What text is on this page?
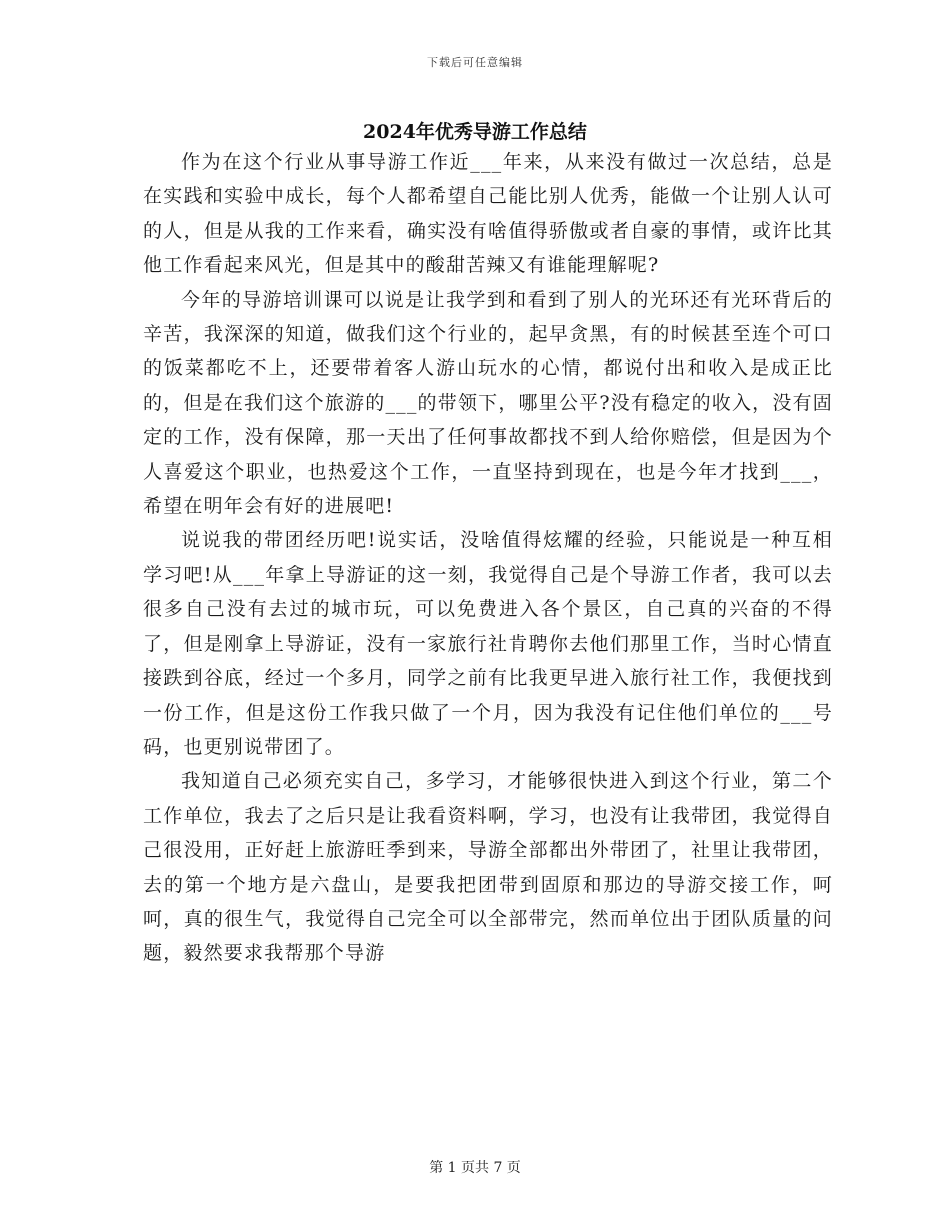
下载后可任意编辑
2024年优秀导游工作总结

作为在这个行业从事导游工作近___年来，从来没有做过一次总结，总是在实践和实验中成长，每个人都希望自己能比别人优秀，能做一个让别人认可的人，但是从我的工作来看，确实没有啥值得骄傲或者自豪的事情，或许比其他工作看起来风光，但是其中的酸甜苦辣又有谁能理解呢?

今年的导游培训课可以说是让我学到和看到了别人的光环还有光环背后的辛苦，我深深的知道，做我们这个行业的，起早贪黑，有的时候甚至连个可口的饭菜都吃不上，还要带着客人游山玩水的心情，都说付出和收入是成正比的，但是在我们这个旅游的___的带领下，哪里公平?没有稳定的收入，没有固定的工作，没有保障，那一天出了任何事故都找不到人给你赔偿，但是因为个人喜爱这个职业，也热爱这个工作，一直坚持到现在，也是今年才找到___，希望在明年会有好的进展吧!

说说我的带团经历吧!说实话，没啥值得炫耀的经验，只能说是一种互相学习吧!从___年拿上导游证的这一刻，我觉得自己是个导游工作者，我可以去很多自己没有去过的城市玩，可以免费进入各个景区，自己真的兴奋的不得了，但是刚拿上导游证，没有一家旅行社肯聘你去他们那里工作，当时心情直接跌到谷底，经过一个多月，同学之前有比我更早进入旅行社工作，我便找到一份工作，但是这份工作我只做了一个月，因为我没有记住他们单位的___号码，也更别说带团了。

我知道自己必须充实自己，多学习，才能够很快进入到这个行业，第二个工作单位，我去了之后只是让我看资料啊，学习，也没有让我带团，我觉得自己很没用，正好赶上旅游旺季到来，导游全部都出外带团了，社里让我带团，去的第一个地方是六盘山，是要我把团带到固原和那边的导游交接工作，呵呵，真的很生气，我觉得自己完全可以全部带完，然而单位出于团队质量的问题，毅然要求我帮那个导游

第 1 页共 7 页
